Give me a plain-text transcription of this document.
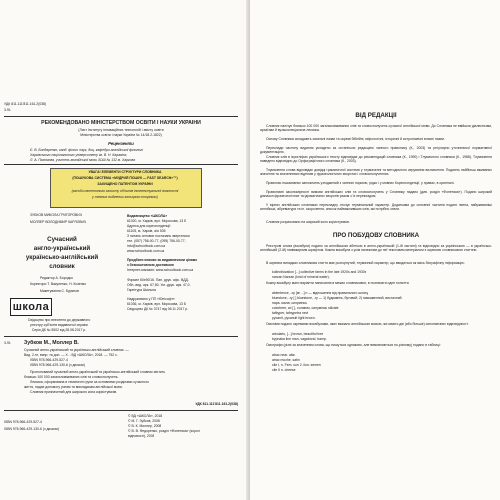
УДК 811.111'811.161.2(038)
3-91
РЕКОМЕНДОВАНО МІНІСТЕРСТВОМ ОСВІТИ І НАУКИ УКРАЇНИ
(Лист Інституту інноваційних технологій і змісту освіти
Міністерства освіти і науки України № 14/18.2-1822)
Рецензенти
Є. В. Бондаренко, канд. філол. наук, доц. кафедри англійської філології
Харківського національного університету ім. В. Н. Каразіна;
Л. А. Пахомова, учитель англійської мови ЗОШ № 132 м. Харкова
УВАГА! ЕЛЕМЕНТИ СТРУКТУРИ СЛОВНИКА
(ПОШУКОВА СИСТЕМА «МУДРИЙ ПОШУК — FAST SEARCH»™)
ЗАХИЩЕНО ПАТЕНТОМ УКРАЇНИ
(засоби патентного захисту об'єктів інтелектуальної власності
у темних виділених кольором сторінках)
ЗУБКОВ МИКОЛА ГРИГОРОВИЧ
МОЛЛЕР ВОЛОДИМИР КАРЛОВИЧ
Сучасний
англо-український
українсько-англійський
словник
Редактор А. Бородко
Коректори Т. Вакуленко, Н. Козенко
Макетування С. Бурянов
школа
Видавництво «ШКОЛА»
61020, м. Харків, вул. Моросова, 13 Б
Адреса для кореспонденції:
61105, м. Харків, а/я 535
З питань оптових постачань звертатися:
тел. (057) 756-00-77, (095) 756-00-77,
info@schoolbook.com.ua
www.schoolbook.com.ua
Придбати книжки за видавничими цінами
з безкоштовною доставкою
Інтернет-магазин: www.schoolbook.com.ua
Формат 60х90/16. Пап. друк. офс. ВДД.
Обл.-вид. арк. 67,80. Ум.-друк. арк. 47,0.
Гарнітура Шкільна
Надруковано у ПП «Юнісофт»
61036, м. Харків, вул. Морозова, 13 Б
Свідоцтво ДК № 3747 від 06.11.2017 р.
Свідоцтво про внесення до державного
реєстру суб'єктів видавничої справи
Серія ДК № 5502 від 28.08.2017 р.
3-91	Зубков М., Моллер В.
Сучасний англо-український та українсько-англійський словник. —
Вид. 2-ге, випр. та доп. — Х. : ВД «ШКОЛА», 2018. — 752 с.
ISBN 978-966-429-527-4
ISBN 978-966-429-130-6 (з диском)
Пропонований сучасний англо-український та українсько-англійський словник містить
близько 100 000 загальновживаних слів та словосполучень.
Лексика, сформована в тематичні групи за основними розділами сучасного
життя, надає допомогу учням та викладачам англійської мови.
Словник призначений для широкого кола користувачів.
УДК 811.111'811.161.2(038)
ISBN 978-966-429-527-4
ISBN 978-966-429-130-6 (з диском)
© ВД «ШКОЛА», 2018
© М. Г. Зубков, 2008
© В. К. Моллер, 2008
© В. В. Федоренко, розділ «Фонетика» (королі
відповості), 2008
ВІД РЕДАКЦІЇ
Словник налічує близько 100 000 загальновживаних слів та словосполучень сучасної англійської мови. До Словника не ввійшли діалектизми, архаїзми й вузькоспеціальна лексика.
Основу Словника складають загальні назви та окремі біблійні, міфологічні, історичні й астрономічні власні назви.
Переклади частину видання укладено за останньою редакцією чинного правопису (К., 2003) та регулярно уточнюючої нормативної документацією.
Словник слів в ієрогліфах українського тексту відповідає до рекомендацій словника (К., 1990) і Тлумачного словника (К., 1988). Тлумачення наведено відповідно до Орфографічного словника (К., 2003).
Тлумачення слова відповідає довідці граматичної системи у тлумаченні та методичного керування визначення. Подають найбільш вживаних значення та значеннєвих відтінків у фразеологічних зворотах і словосполученнях.
Правопис іншомовних запозичень узгоджений з чинною нормою, рідко і у мовних Кореспонденції, у правах, в оригіналі.
Правописні закономірності вимови англійських слів та словосполучень у Словнику надано (див. розділ «Фонетика»). Подано широкий діапазон фразеологічних та ідіоматичних зворотів разом з їх перекладом.
У вірних англійських словниках перекладну оточує термінальний характер. Додатками до основної частини подані: імена, найуживаніші англійські, абревіатури та ін. скорочення, список найважливіших слів, які потрібно знати.
Словник розраховано на широкий коло користувачів.
ПРО ПОБУДОВУ СЛОВНИКА
Реєстрові слова (вокабули) подано за англійською абеткою в англо-українській (1-ій частині) та відповідно за українською — в українсько-англійській (2-ій) напівжирним шрифтом. Кожна вокабула з усім належним до неї текстовим матеріалом є окремою словниковою статтею.
В окремих випадках словникова стаття має розгорнутий, тлумачний характер, що вводиться як якісь біографічну інформацію:
kollectivization [...] collective farms in the late 1920s and 1930s
narzan Narzan (kind of mineral water).
Кожну вокабулу мати варіанти написання в межах словникових, в позначати одне поняття:
abientence, -cy [æ ...] н — відношення від правильного шляху
bluestone, -ry [ ] bluestone, -ry — 1) будкамінь, бутовий; 2) гамкаменний, вистачний
пара. мала; силумінсь
colorbeer, cd [ ], соляник, силумінсь silicate
tafbyper, tafnypetra nevi
pycanit, pycanuit light brown.
Омоніми подано окремими вокабулами, яких вказано англійською мовою, які мають дві (або більше) синонімічних відповідності:
arbolaris, [...] brown, beautiful tree
bypnaka line man, vagabond, tramp.
Омографи (різні за значенням слова, що пишуться однаково, але вимовляються по-різному) подано в таблиці:
atrac near. afar.
atrac moche. satin
cile I, n. Fem. son 2. ilon: semen
cile II n. cheese
